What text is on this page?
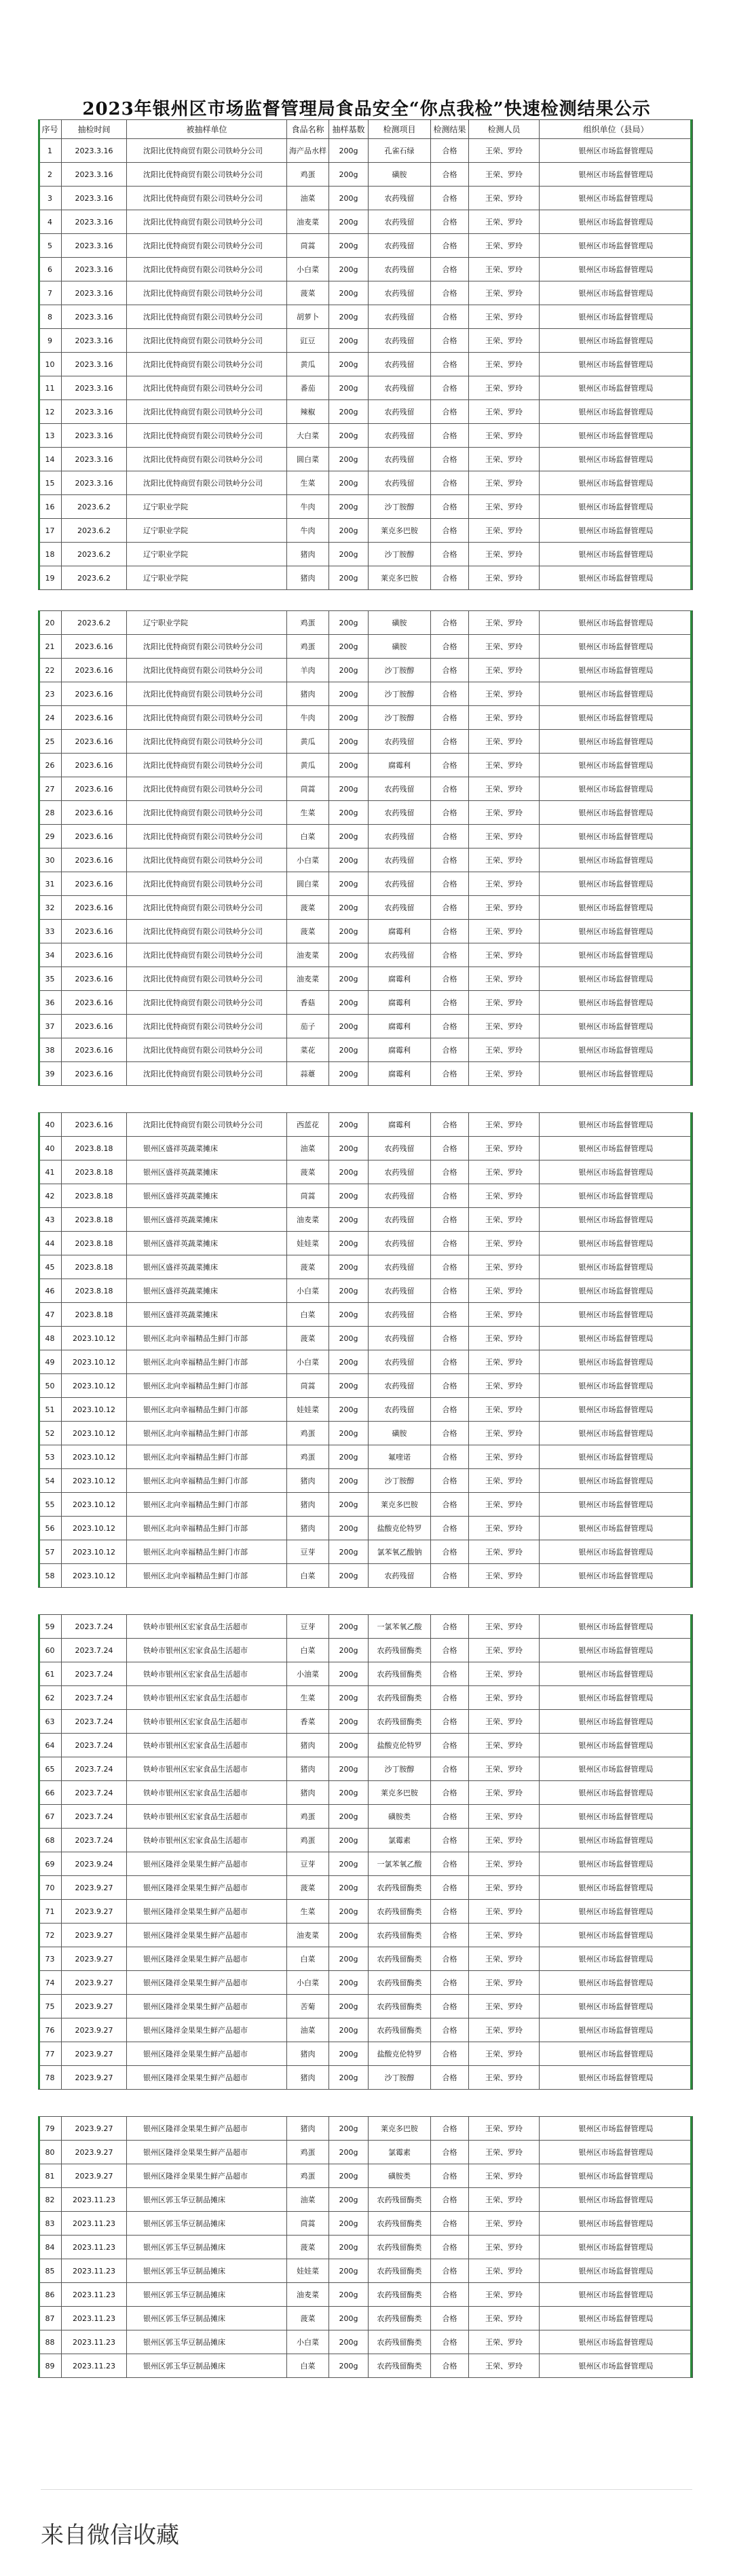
2023年银州区市场监督管理局食品安全“你点我检”快速检测结果公示
序号	抽检时间	被抽样单位	食品名称	抽样基数	检测项目	检测结果	检测人员	组织单位（县局）
1	2023.3.16	沈阳比优特商贸有限公司铁岭分公司	海产品水样	200g	孔雀石绿	合格	王荣、罗玲	银州区市场监督管理局
2	2023.3.16	沈阳比优特商贸有限公司铁岭分公司	鸡蛋	200g	磺胺	合格	王荣、罗玲	银州区市场监督管理局
3	2023.3.16	沈阳比优特商贸有限公司铁岭分公司	油菜	200g	农药残留	合格	王荣、罗玲	银州区市场监督管理局
4	2023.3.16	沈阳比优特商贸有限公司铁岭分公司	油麦菜	200g	农药残留	合格	王荣、罗玲	银州区市场监督管理局
5	2023.3.16	沈阳比优特商贸有限公司铁岭分公司	茼蒿	200g	农药残留	合格	王荣、罗玲	银州区市场监督管理局
6	2023.3.16	沈阳比优特商贸有限公司铁岭分公司	小白菜	200g	农药残留	合格	王荣、罗玲	银州区市场监督管理局
7	2023.3.16	沈阳比优特商贸有限公司铁岭分公司	菠菜	200g	农药残留	合格	王荣、罗玲	银州区市场监督管理局
8	2023.3.16	沈阳比优特商贸有限公司铁岭分公司	胡萝卜	200g	农药残留	合格	王荣、罗玲	银州区市场监督管理局
9	2023.3.16	沈阳比优特商贸有限公司铁岭分公司	豇豆	200g	农药残留	合格	王荣、罗玲	银州区市场监督管理局
10	2023.3.16	沈阳比优特商贸有限公司铁岭分公司	黄瓜	200g	农药残留	合格	王荣、罗玲	银州区市场监督管理局
11	2023.3.16	沈阳比优特商贸有限公司铁岭分公司	番茄	200g	农药残留	合格	王荣、罗玲	银州区市场监督管理局
12	2023.3.16	沈阳比优特商贸有限公司铁岭分公司	辣椒	200g	农药残留	合格	王荣、罗玲	银州区市场监督管理局
13	2023.3.16	沈阳比优特商贸有限公司铁岭分公司	大白菜	200g	农药残留	合格	王荣、罗玲	银州区市场监督管理局
14	2023.3.16	沈阳比优特商贸有限公司铁岭分公司	圆白菜	200g	农药残留	合格	王荣、罗玲	银州区市场监督管理局
15	2023.3.16	沈阳比优特商贸有限公司铁岭分公司	生菜	200g	农药残留	合格	王荣、罗玲	银州区市场监督管理局
16	2023.6.2	辽宁职业学院	牛肉	200g	沙丁胺醇	合格	王荣、罗玲	银州区市场监督管理局
17	2023.6.2	辽宁职业学院	牛肉	200g	莱克多巴胺	合格	王荣、罗玲	银州区市场监督管理局
18	2023.6.2	辽宁职业学院	猪肉	200g	沙丁胺醇	合格	王荣、罗玲	银州区市场监督管理局
19	2023.6.2	辽宁职业学院	猪肉	200g	莱克多巴胺	合格	王荣、罗玲	银州区市场监督管理局
20	2023.6.2	辽宁职业学院	鸡蛋	200g	磺胺	合格	王荣、罗玲	银州区市场监督管理局
21	2023.6.16	沈阳比优特商贸有限公司铁岭分公司	鸡蛋	200g	磺胺	合格	王荣、罗玲	银州区市场监督管理局
22	2023.6.16	沈阳比优特商贸有限公司铁岭分公司	羊肉	200g	沙丁胺醇	合格	王荣、罗玲	银州区市场监督管理局
23	2023.6.16	沈阳比优特商贸有限公司铁岭分公司	猪肉	200g	沙丁胺醇	合格	王荣、罗玲	银州区市场监督管理局
24	2023.6.16	沈阳比优特商贸有限公司铁岭分公司	牛肉	200g	沙丁胺醇	合格	王荣、罗玲	银州区市场监督管理局
25	2023.6.16	沈阳比优特商贸有限公司铁岭分公司	黄瓜	200g	农药残留	合格	王荣、罗玲	银州区市场监督管理局
26	2023.6.16	沈阳比优特商贸有限公司铁岭分公司	黄瓜	200g	腐霉利	合格	王荣、罗玲	银州区市场监督管理局
27	2023.6.16	沈阳比优特商贸有限公司铁岭分公司	茼蒿	200g	农药残留	合格	王荣、罗玲	银州区市场监督管理局
28	2023.6.16	沈阳比优特商贸有限公司铁岭分公司	生菜	200g	农药残留	合格	王荣、罗玲	银州区市场监督管理局
29	2023.6.16	沈阳比优特商贸有限公司铁岭分公司	白菜	200g	农药残留	合格	王荣、罗玲	银州区市场监督管理局
30	2023.6.16	沈阳比优特商贸有限公司铁岭分公司	小白菜	200g	农药残留	合格	王荣、罗玲	银州区市场监督管理局
31	2023.6.16	沈阳比优特商贸有限公司铁岭分公司	圆白菜	200g	农药残留	合格	王荣、罗玲	银州区市场监督管理局
32	2023.6.16	沈阳比优特商贸有限公司铁岭分公司	菠菜	200g	农药残留	合格	王荣、罗玲	银州区市场监督管理局
33	2023.6.16	沈阳比优特商贸有限公司铁岭分公司	菠菜	200g	腐霉利	合格	王荣、罗玲	银州区市场监督管理局
34	2023.6.16	沈阳比优特商贸有限公司铁岭分公司	油麦菜	200g	农药残留	合格	王荣、罗玲	银州区市场监督管理局
35	2023.6.16	沈阳比优特商贸有限公司铁岭分公司	油麦菜	200g	腐霉利	合格	王荣、罗玲	银州区市场监督管理局
36	2023.6.16	沈阳比优特商贸有限公司铁岭分公司	香菇	200g	腐霉利	合格	王荣、罗玲	银州区市场监督管理局
37	2023.6.16	沈阳比优特商贸有限公司铁岭分公司	茄子	200g	腐霉利	合格	王荣、罗玲	银州区市场监督管理局
38	2023.6.16	沈阳比优特商贸有限公司铁岭分公司	菜花	200g	腐霉利	合格	王荣、罗玲	银州区市场监督管理局
39	2023.6.16	沈阳比优特商贸有限公司铁岭分公司	蒜薹	200g	腐霉利	合格	王荣、罗玲	银州区市场监督管理局
40	2023.6.16	沈阳比优特商贸有限公司铁岭分公司	西蓝花	200g	腐霉利	合格	王荣、罗玲	银州区市场监督管理局
40	2023.8.18	银州区盛祥英蔬菜摊床	油菜	200g	农药残留	合格	王荣、罗玲	银州区市场监督管理局
41	2023.8.18	银州区盛祥英蔬菜摊床	菠菜	200g	农药残留	合格	王荣、罗玲	银州区市场监督管理局
42	2023.8.18	银州区盛祥英蔬菜摊床	茼蒿	200g	农药残留	合格	王荣、罗玲	银州区市场监督管理局
43	2023.8.18	银州区盛祥英蔬菜摊床	油麦菜	200g	农药残留	合格	王荣、罗玲	银州区市场监督管理局
44	2023.8.18	银州区盛祥英蔬菜摊床	娃娃菜	200g	农药残留	合格	王荣、罗玲	银州区市场监督管理局
45	2023.8.18	银州区盛祥英蔬菜摊床	菠菜	200g	农药残留	合格	王荣、罗玲	银州区市场监督管理局
46	2023.8.18	银州区盛祥英蔬菜摊床	小白菜	200g	农药残留	合格	王荣、罗玲	银州区市场监督管理局
47	2023.8.18	银州区盛祥英蔬菜摊床	白菜	200g	农药残留	合格	王荣、罗玲	银州区市场监督管理局
48	2023.10.12	银州区北向幸福精品生鲜门市部	菠菜	200g	农药残留	合格	王荣、罗玲	银州区市场监督管理局
49	2023.10.12	银州区北向幸福精品生鲜门市部	小白菜	200g	农药残留	合格	王荣、罗玲	银州区市场监督管理局
50	2023.10.12	银州区北向幸福精品生鲜门市部	茼蒿	200g	农药残留	合格	王荣、罗玲	银州区市场监督管理局
51	2023.10.12	银州区北向幸福精品生鲜门市部	娃娃菜	200g	农药残留	合格	王荣、罗玲	银州区市场监督管理局
52	2023.10.12	银州区北向幸福精品生鲜门市部	鸡蛋	200g	磺胺	合格	王荣、罗玲	银州区市场监督管理局
53	2023.10.12	银州区北向幸福精品生鲜门市部	鸡蛋	200g	氟喹诺	合格	王荣、罗玲	银州区市场监督管理局
54	2023.10.12	银州区北向幸福精品生鲜门市部	猪肉	200g	沙丁胺醇	合格	王荣、罗玲	银州区市场监督管理局
55	2023.10.12	银州区北向幸福精品生鲜门市部	猪肉	200g	莱克多巴胺	合格	王荣、罗玲	银州区市场监督管理局
56	2023.10.12	银州区北向幸福精品生鲜门市部	猪肉	200g	盐酸克伦特罗	合格	王荣、罗玲	银州区市场监督管理局
57	2023.10.12	银州区北向幸福精品生鲜门市部	豆芽	200g	氯苯氧乙酸钠	合格	王荣、罗玲	银州区市场监督管理局
58	2023.10.12	银州区北向幸福精品生鲜门市部	白菜	200g	农药残留	合格	王荣、罗玲	银州区市场监督管理局
59	2023.7.24	铁岭市银州区宏家食品生活超市	豆芽	200g	一氯苯氧乙酸	合格	王荣、罗玲	银州区市场监督管理局
60	2023.7.24	铁岭市银州区宏家食品生活超市	白菜	200g	农药残留酶类	合格	王荣、罗玲	银州区市场监督管理局
61	2023.7.24	铁岭市银州区宏家食品生活超市	小油菜	200g	农药残留酶类	合格	王荣、罗玲	银州区市场监督管理局
62	2023.7.24	铁岭市银州区宏家食品生活超市	生菜	200g	农药残留酶类	合格	王荣、罗玲	银州区市场监督管理局
63	2023.7.24	铁岭市银州区宏家食品生活超市	香菜	200g	农药残留酶类	合格	王荣、罗玲	银州区市场监督管理局
64	2023.7.24	铁岭市银州区宏家食品生活超市	猪肉	200g	盐酸克伦特罗	合格	王荣、罗玲	银州区市场监督管理局
65	2023.7.24	铁岭市银州区宏家食品生活超市	猪肉	200g	沙丁胺醇	合格	王荣、罗玲	银州区市场监督管理局
66	2023.7.24	铁岭市银州区宏家食品生活超市	猪肉	200g	莱克多巴胺	合格	王荣、罗玲	银州区市场监督管理局
67	2023.7.24	铁岭市银州区宏家食品生活超市	鸡蛋	200g	磺胺类	合格	王荣、罗玲	银州区市场监督管理局
68	2023.7.24	铁岭市银州区宏家食品生活超市	鸡蛋	200g	氯霉素	合格	王荣、罗玲	银州区市场监督管理局
69	2023.9.24	银州区隆祥金果果生鲜产品超市	豆芽	200g	一氯苯氧乙酸	合格	王荣、罗玲	银州区市场监督管理局
70	2023.9.27	银州区隆祥金果果生鲜产品超市	菠菜	200g	农药残留酶类	合格	王荣、罗玲	银州区市场监督管理局
71	2023.9.27	银州区隆祥金果果生鲜产品超市	生菜	200g	农药残留酶类	合格	王荣、罗玲	银州区市场监督管理局
72	2023.9.27	银州区隆祥金果果生鲜产品超市	油麦菜	200g	农药残留酶类	合格	王荣、罗玲	银州区市场监督管理局
73	2023.9.27	银州区隆祥金果果生鲜产品超市	白菜	200g	农药残留酶类	合格	王荣、罗玲	银州区市场监督管理局
74	2023.9.27	银州区隆祥金果果生鲜产品超市	小白菜	200g	农药残留酶类	合格	王荣、罗玲	银州区市场监督管理局
75	2023.9.27	银州区隆祥金果果生鲜产品超市	苦菊	200g	农药残留酶类	合格	王荣、罗玲	银州区市场监督管理局
76	2023.9.27	银州区隆祥金果果生鲜产品超市	油菜	200g	农药残留酶类	合格	王荣、罗玲	银州区市场监督管理局
77	2023.9.27	银州区隆祥金果果生鲜产品超市	猪肉	200g	盐酸克伦特罗	合格	王荣、罗玲	银州区市场监督管理局
78	2023.9.27	银州区隆祥金果果生鲜产品超市	猪肉	200g	沙丁胺醇	合格	王荣、罗玲	银州区市场监督管理局
79	2023.9.27	银州区隆祥金果果生鲜产品超市	猪肉	200g	莱克多巴胺	合格	王荣、罗玲	银州区市场监督管理局
80	2023.9.27	银州区隆祥金果果生鲜产品超市	鸡蛋	200g	氯霉素	合格	王荣、罗玲	银州区市场监督管理局
81	2023.9.27	银州区隆祥金果果生鲜产品超市	鸡蛋	200g	磺胺类	合格	王荣、罗玲	银州区市场监督管理局
82	2023.11.23	银州区郭玉华豆制品摊床	油菜	200g	农药残留酶类	合格	王荣、罗玲	银州区市场监督管理局
83	2023.11.23	银州区郭玉华豆制品摊床	茼蒿	200g	农药残留酶类	合格	王荣、罗玲	银州区市场监督管理局
84	2023.11.23	银州区郭玉华豆制品摊床	菠菜	200g	农药残留酶类	合格	王荣、罗玲	银州区市场监督管理局
85	2023.11.23	银州区郭玉华豆制品摊床	娃娃菜	200g	农药残留酶类	合格	王荣、罗玲	银州区市场监督管理局
86	2023.11.23	银州区郭玉华豆制品摊床	油麦菜	200g	农药残留酶类	合格	王荣、罗玲	银州区市场监督管理局
87	2023.11.23	银州区郭玉华豆制品摊床	菠菜	200g	农药残留酶类	合格	王荣、罗玲	银州区市场监督管理局
88	2023.11.23	银州区郭玉华豆制品摊床	小白菜	200g	农药残留酶类	合格	王荣、罗玲	银州区市场监督管理局
89	2023.11.23	银州区郭玉华豆制品摊床	白菜	200g	农药残留酶类	合格	王荣、罗玲	银州区市场监督管理局
来自微信收藏
